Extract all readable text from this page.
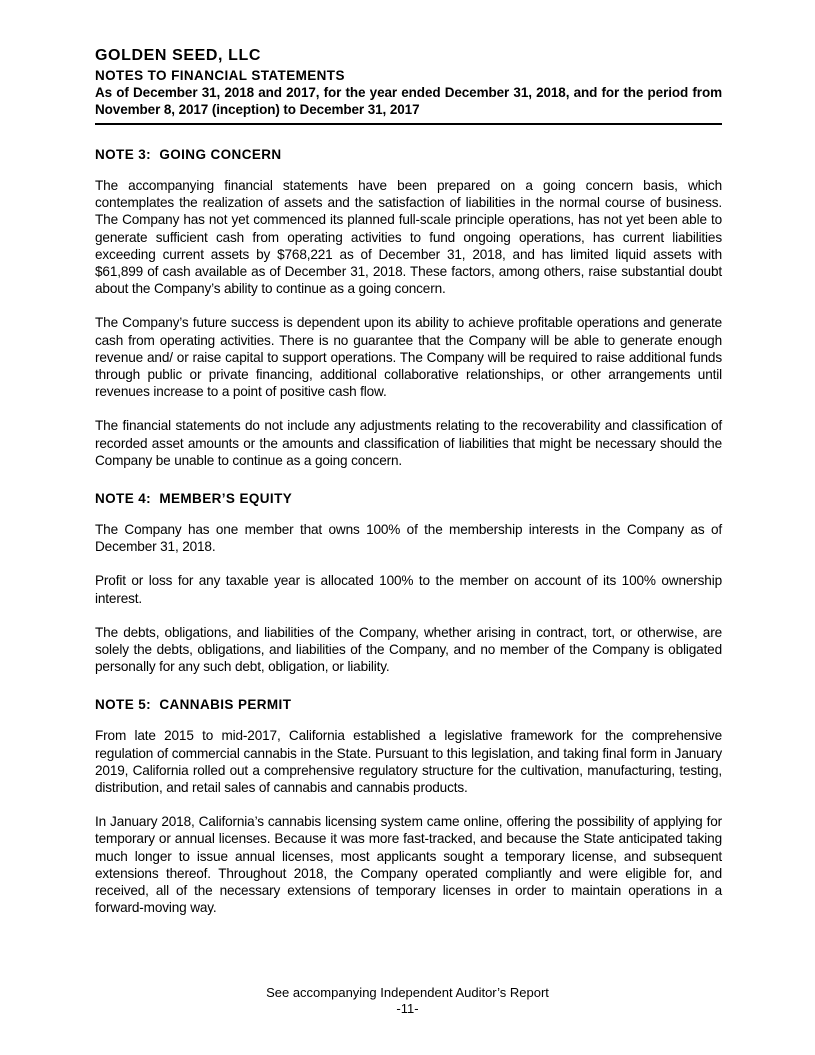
GOLDEN SEED, LLC
NOTES TO FINANCIAL STATEMENTS
As of December 31, 2018 and 2017, for the year ended December 31, 2018, and for the period from November 8, 2017 (inception) to December 31, 2017
NOTE 3:  GOING CONCERN

The accompanying financial statements have been prepared on a going concern basis, which contemplates the realization of assets and the satisfaction of liabilities in the normal course of business. The Company has not yet commenced its planned full-scale principle operations, has not yet been able to generate sufficient cash from operating activities to fund ongoing operations, has current liabilities exceeding current assets by $768,221 as of December 31, 2018, and has limited liquid assets with $61,899 of cash available as of December 31, 2018. These factors, among others, raise substantial doubt about the Company’s ability to continue as a going concern.

The Company’s future success is dependent upon its ability to achieve profitable operations and generate cash from operating activities. There is no guarantee that the Company will be able to generate enough revenue and/ or raise capital to support operations. The Company will be required to raise additional funds through public or private financing, additional collaborative relationships, or other arrangements until revenues increase to a point of positive cash flow.

The financial statements do not include any adjustments relating to the recoverability and classification of recorded asset amounts or the amounts and classification of liabilities that might be necessary should the Company be unable to continue as a going concern.

NOTE 4:  MEMBER’S EQUITY

The Company has one member that owns 100% of the membership interests in the Company as of December 31, 2018.

Profit or loss for any taxable year is allocated 100% to the member on account of its 100% ownership interest.

The debts, obligations, and liabilities of the Company, whether arising in contract, tort, or otherwise, are solely the debts, obligations, and liabilities of the Company, and no member of the Company is obligated personally for any such debt, obligation, or liability.

NOTE 5:  CANNABIS PERMIT

From late 2015 to mid-2017, California established a legislative framework for the comprehensive regulation of commercial cannabis in the State. Pursuant to this legislation, and taking final form in January 2019, California rolled out a comprehensive regulatory structure for the cultivation, manufacturing, testing, distribution, and retail sales of cannabis and cannabis products.

In January 2018, California’s cannabis licensing system came online, offering the possibility of applying for temporary or annual licenses. Because it was more fast-tracked, and because the State anticipated taking much longer to issue annual licenses, most applicants sought a temporary license, and subsequent extensions thereof. Throughout 2018, the Company operated compliantly and were eligible for, and received, all of the necessary extensions of temporary licenses in order to maintain operations in a forward-moving way.

See accompanying Independent Auditor’s Report
-11-
